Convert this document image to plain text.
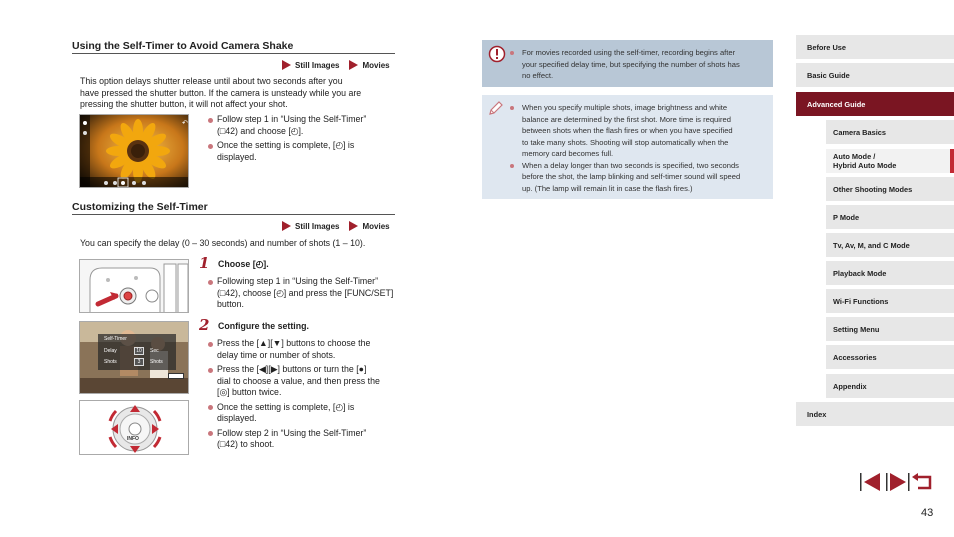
Using the Self-Timer to Avoid Camera Shake
Still Images	Movies
This option delays shutter release until about two seconds after you
have pressed the shutter button. If the camera is unsteady while you are
pressing the shutter button, it will not affect your shot.
↶	Follow step 1 in “Using the Self-Timer”
(□42) and choose [◴].
Once the setting is complete, [◴] is
displayed.
Customizing the Self-Timer
Still Images	Movies
You can specify the delay (0 – 30 seconds) and number of shots (1 – 10).
Self-Timer
Delay	10	Sec
Shots	3	Shots
INFO
1 Choose [◴].
Following step 1 in “Using the Self-Timer”
(□42), choose [◴] and press the [FUNC/SET]
button.
2 Configure the setting.
Press the [▲][▼] buttons to choose the
delay time or number of shots.
Press the [◀][▶] buttons or turn the [●]
dial to choose a value, and then press the
[◎] button twice.
Once the setting is complete, [◴] is
displayed.
Follow step 2 in “Using the Self-Timer”
(□42) to shoot.
For movies recorded using the self-timer, recording begins after
your specified delay time, but specifying the number of shots has
no effect.
When you specify multiple shots, image brightness and white
balance are determined by the first shot. More time is required
between shots when the flash fires or when you have specified
to take many shots. Shooting will stop automatically when the
memory card becomes full.
When a delay longer than two seconds is specified, two seconds
before the shot, the lamp blinking and self-timer sound will speed
up. (The lamp will remain lit in case the flash fires.)
Before Use
Basic Guide
Advanced Guide
Camera Basics
Auto Mode /
Hybrid Auto Mode
Other Shooting Modes
P Mode
Tv, Av, M, and C Mode
Playback Mode
Wi-Fi Functions
Setting Menu
Accessories
Appendix
Index
43
